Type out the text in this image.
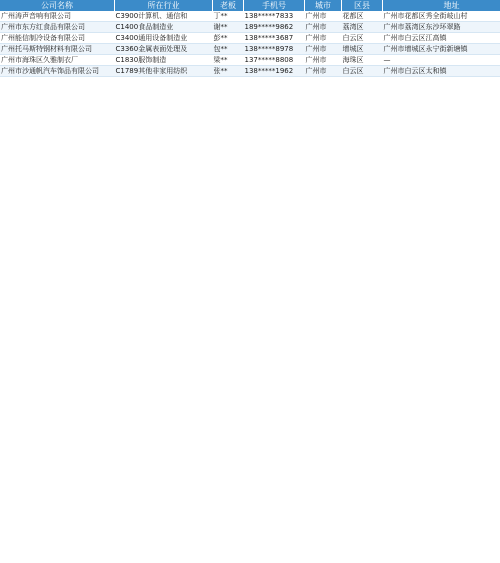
公司名称	所在行业	老板	手机号	城市	区县	地址
广州涛声音响有限公司	C3900计算机、通信和	丁**	138*****7833	广州市	花都区	广州市花都区秀全街岐山村
广州市东方红食品有限公司	C1400食品制造业	谢**	189*****9862	广州市	荔湾区	广州市荔湾区东沙环翠路
广州能信制冷设备有限公司	C3400通用设备制造业	彭**	138*****3687	广州市	白云区	广州市白云区江高镇
广州托马斯特钢材料有限公司	C3360金属表面处理及	包**	138*****8978	广州市	增城区	广州市增城区永宁街新塘镇
广州市海珠区久雅制衣厂	C1830服饰制造	梁**	137*****8808	广州市	海珠区	—
广州市沙通帆汽车饰品有限公司	C1789其他非家用纺织	张**	138*****1962	广州市	白云区	广州市白云区太和镇
